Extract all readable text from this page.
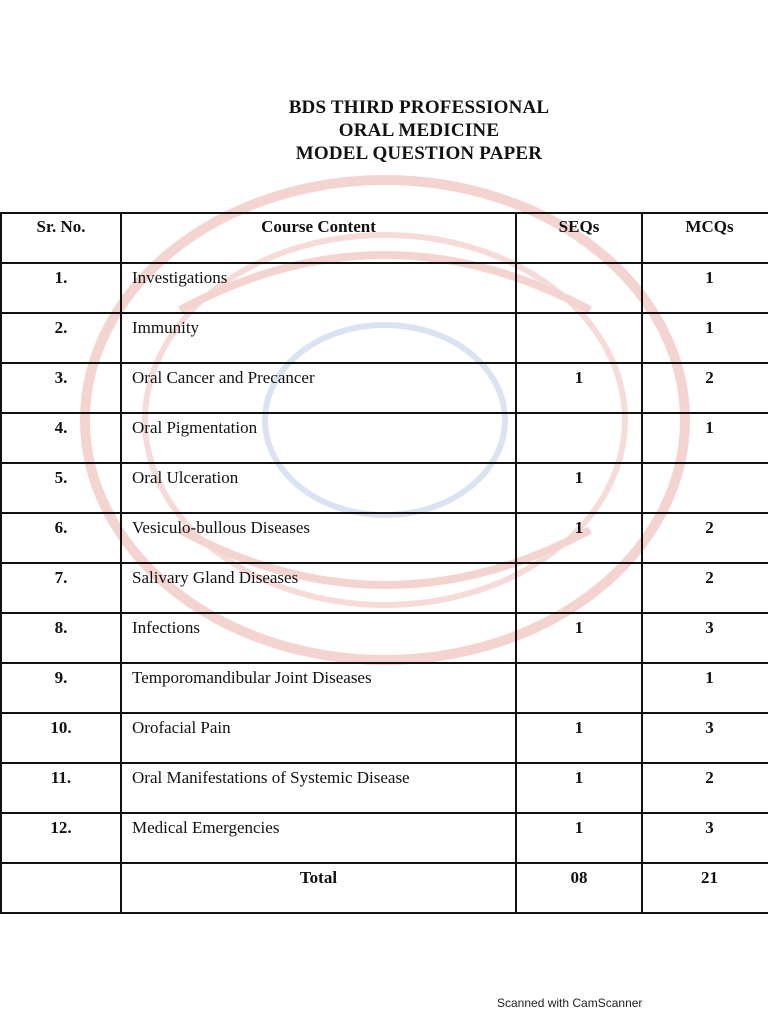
BDS THIRD PROFESSIONAL
ORAL MEDICINE
MODEL QUESTION PAPER
Sr. No.	Course Content	SEQs	MCQs
1.	Investigations		1
2.	Immunity		1
3.	Oral Cancer and Precancer	1	2
4.	Oral Pigmentation		1
5.	Oral Ulceration	1	
6.	Vesiculo-bullous Diseases	1	2
7.	Salivary Gland Diseases		2
8.	Infections	1	3
9.	Temporomandibular Joint Diseases		1
10.	Orofacial Pain	1	3
11.	Oral Manifestations of Systemic Disease	1	2
12.	Medical Emergencies	1	3
	Total	08	21
Scanned with CamScanner
